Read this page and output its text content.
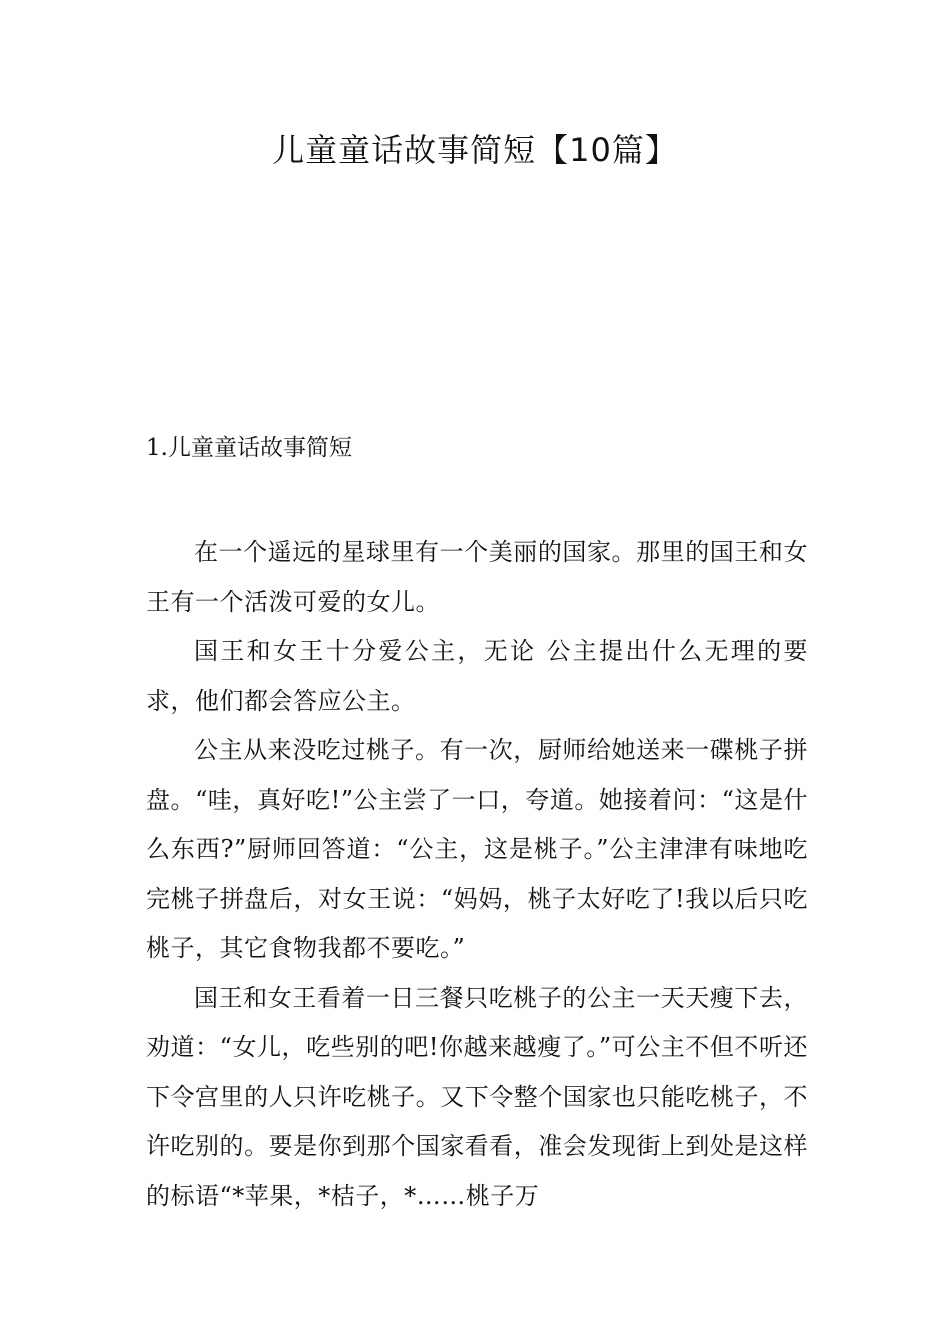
儿童童话故事简短【10篇】
1.儿童童话故事简短

在一个遥远的星球里有一个美丽的国家。那里的国王和女王有一个活泼可爱的女儿。

国王和女王十分爱公主，无论 公主提出什么无理的要求，他们都会答应公主。

公主从来没吃过桃子。有一次，厨师给她送来一碟桃子拼盘。“哇，真好吃!”公主尝了一口，夸道。她接着问：“这是什么东西?”厨师回答道：“公主，这是桃子。”公主津津有味地吃完桃子拼盘后，对女王说：“妈妈，桃子太好吃了!我以后只吃桃子，其它食物我都不要吃。”

国王和女王看着一日三餐只吃桃子的公主一天天瘦下去，劝道：“女儿，吃些别的吧!你越来越瘦了。”可公主不但不听还下令宫里的人只许吃桃子。又下令整个国家也只能吃桃子，不许吃别的。要是你到那个国家看看，准会发现街上到处是这样的标语“*苹果，*桔子，*……桃子万
